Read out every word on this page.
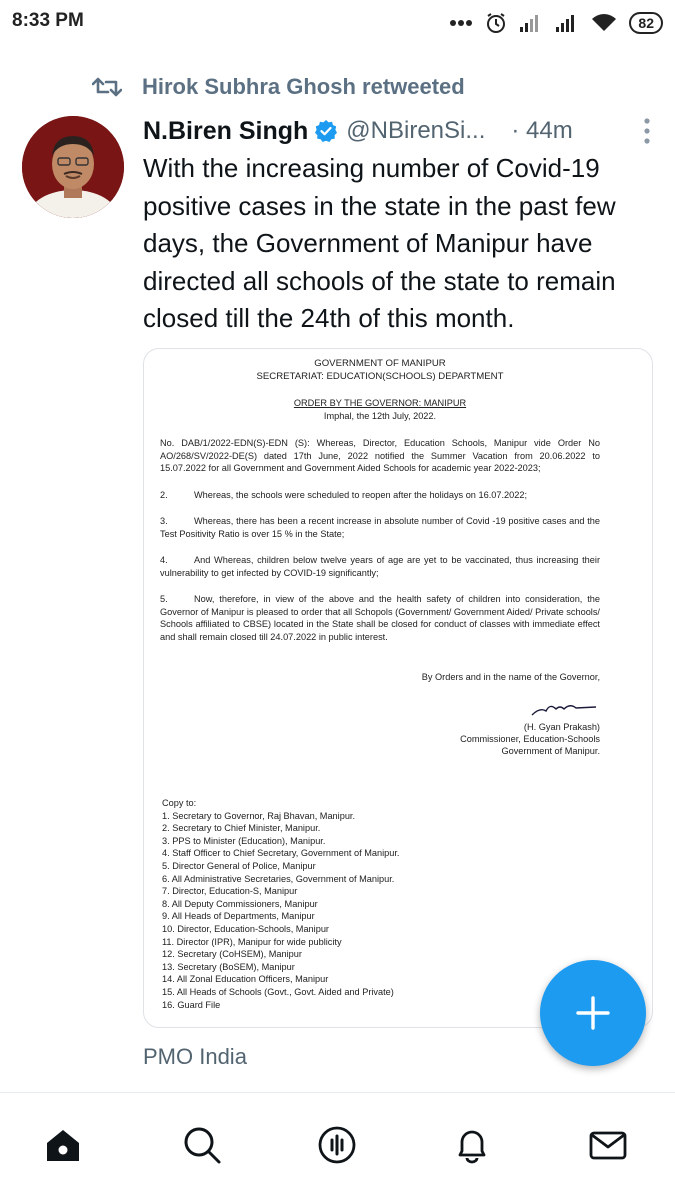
8:33 PM	82
Hirok Subhra Ghosh retweeted
N.Biren Singh @NBirenSi... · 44m
With the increasing number of Covid-19 positive cases in the state in the past few days, the Government of Manipur have directed all schools of the state to remain closed till the 24th of this month.
GOVERNMENT OF MANIPUR
SECRETARIAT: EDUCATION(SCHOOLS) DEPARTMENT
ORDER BY THE GOVERNOR: MANIPUR
Imphal, the 12th July, 2022.
No. DAB/1/2022-EDN(S)-EDN (S): Whereas, Director, Education Schools, Manipur vide Order No AO/268/SV/2022-DE(S) dated 17th June, 2022 notified the Summer Vacation from 20.06.2022 to 15.07.2022 for all Government and Government Aided Schools for academic year 2022-2023;
2.	Whereas, the schools were scheduled to reopen after the holidays on 16.07.2022;
3.	Whereas, there has been a recent increase in absolute number of Covid -19 positive cases and the Test Positivity Ratio is over 15 % in the State;
4.	And Whereas, children below twelve years of age are yet to be vaccinated, thus increasing their vulnerability to get infected by COVID-19 significantly;
5.	Now, therefore, in view of the above and the health safety of children into consideration, the Governor of Manipur is pleased to order that all Schopols (Government/ Government Aided/ Private schools/ Schools affiliated to CBSE) located in the State shall be closed for conduct of classes with immediate effect and shall remain closed till 24.07.2022 in public interest.
By Orders and in the name of the Governor,
(H. Gyan Prakash)
Commissioner, Education-Schools
Government of Manipur.
Copy to:
1. Secretary to Governor, Raj Bhavan, Manipur.
2. Secretary to Chief Minister, Manipur.
3. PPS to Minister (Education), Manipur.
4. Staff Officer to Chief Secretary, Government of Manipur.
5. Director General of Police, Manipur
6. All Administrative Secretaries, Government of Manipur.
7. Director, Education-S, Manipur
8. All Deputy Commissioners, Manipur
9. All Heads of Departments, Manipur
10. Director, Education-Schools, Manipur
11. Director (IPR), Manipur for wide publicity
12. Secretary (CoHSEM), Manipur
13. Secretary (BoSEM), Manipur
14. All Zonal Education Officers, Manipur
15. All Heads of Schools (Govt., Govt. Aided and Private)
16. Guard File
PMO India
